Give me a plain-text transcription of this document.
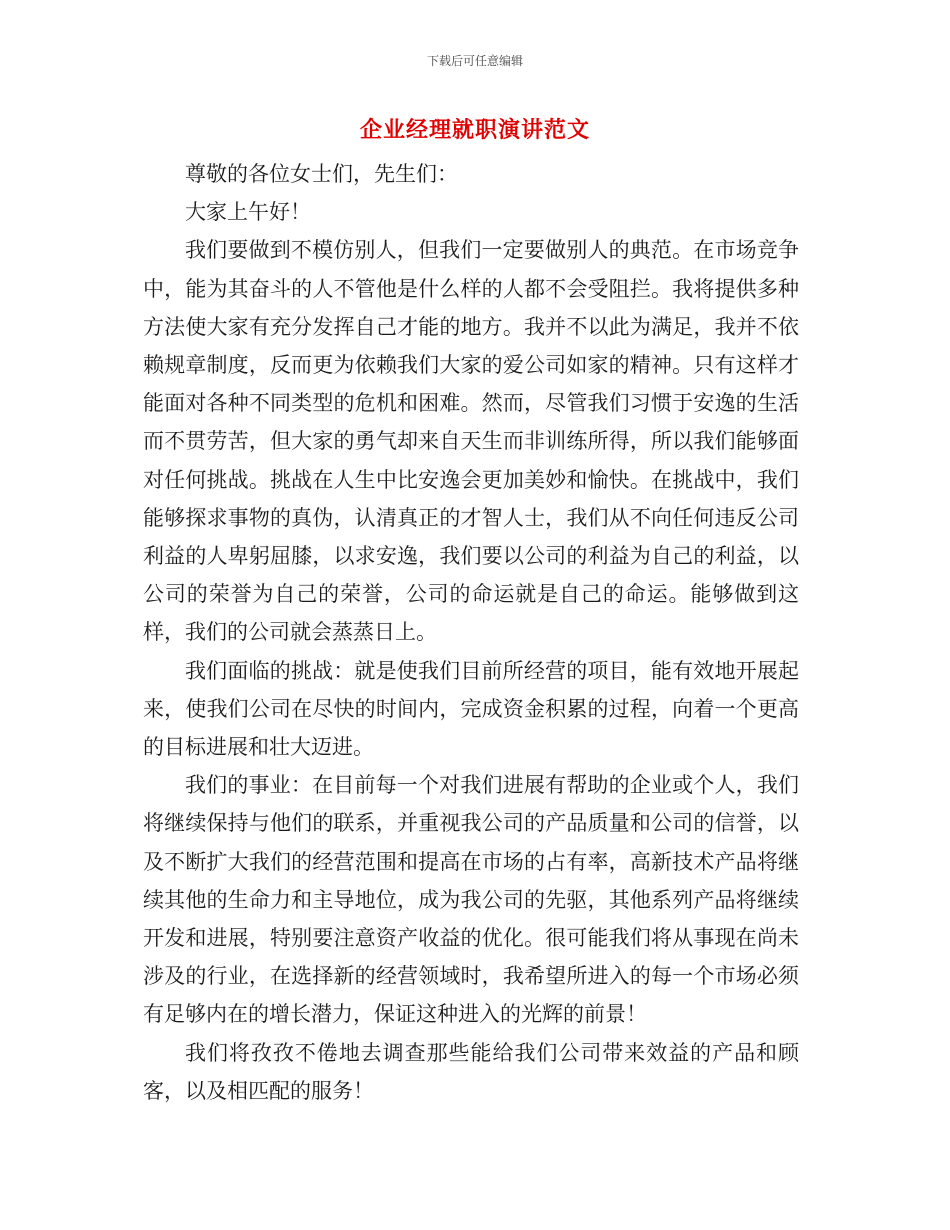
下载后可任意编辑
企业经理就职演讲范文

尊敬的各位女士们，先生们：

大家上午好！

我们要做到不模仿别人，但我们一定要做别人的典范。在市场竞争中，能为其奋斗的人不管他是什么样的人都不会受阻拦。我将提供多种方法使大家有充分发挥自己才能的地方。我并不以此为满足，我并不依赖规章制度，反而更为依赖我们大家的爱公司如家的精神。只有这样才能面对各种不同类型的危机和困难。然而，尽管我们习惯于安逸的生活而不贯劳苦，但大家的勇气却来自天生而非训练所得，所以我们能够面对任何挑战。挑战在人生中比安逸会更加美妙和愉快。在挑战中，我们能够探求事物的真伪，认清真正的才智人士，我们从不向任何违反公司利益的人卑躬屈膝，以求安逸，我们要以公司的利益为自己的利益，以公司的荣誉为自己的荣誉，公司的命运就是自己的命运。能够做到这样，我们的公司就会蒸蒸日上。

我们面临的挑战：就是使我们目前所经营的项目，能有效地开展起来，使我们公司在尽快的时间内，完成资金积累的过程，向着一个更高的目标进展和壮大迈进。

我们的事业：在目前每一个对我们进展有帮助的企业或个人，我们将继续保持与他们的联系，并重视我公司的产品质量和公司的信誉，以及不断扩大我们的经营范围和提高在市场的占有率，高新技术产品将继续其他的生命力和主导地位，成为我公司的先驱，其他系列产品将继续开发和进展，特别要注意资产收益的优化。很可能我们将从事现在尚未涉及的行业，在选择新的经营领域时，我希望所进入的每一个市场必须有足够内在的增长潜力，保证这种进入的光辉的前景！

我们将孜孜不倦地去调查那些能给我们公司带来效益的产品和顾客，以及相匹配的服务！
